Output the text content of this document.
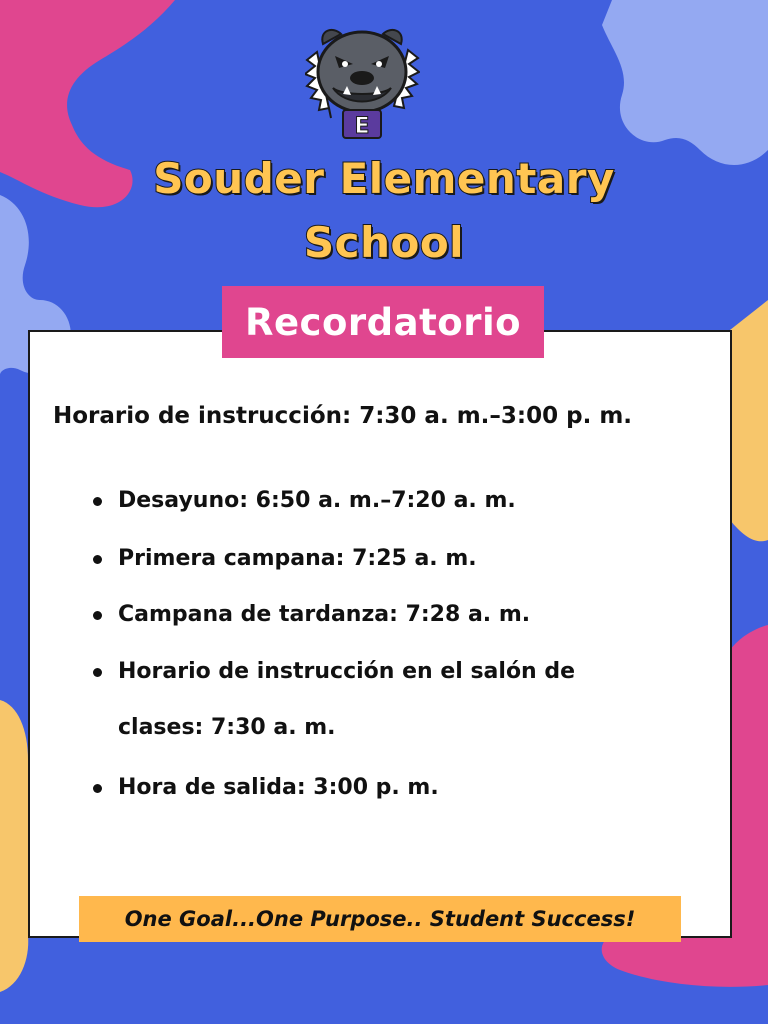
E
Souder Elementary
School
Recordatorio
Horario de instrucción: 7:30 a. m.–3:00 p. m.
Desayuno: 6:50 a. m.–7:20 a. m.
Primera campana: 7:25 a. m.
Campana de tardanza: 7:28 a. m.
Horario de instrucción en el salón de
clases: 7:30 a. m.
Hora de salida: 3:00 p. m.
One Goal...One Purpose.. Student Success!
